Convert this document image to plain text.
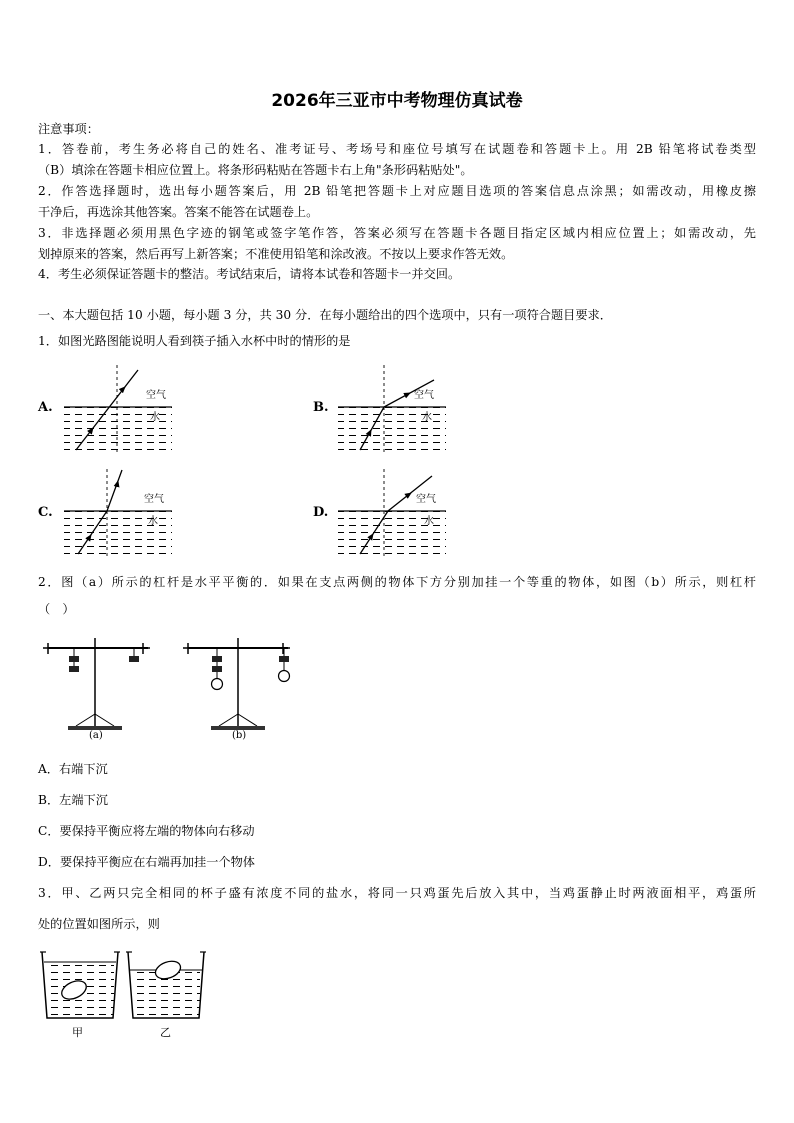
2026年三亚市中考物理仿真试卷
注意事项：
1．答卷前，考生务必将自己的姓名、准考证号、考场号和座位号填写在试题卷和答题卡上。用 2B 铅笔将试卷类型
（B）填涂在答题卡相应位置上。将条形码粘贴在答题卡右上角"条形码粘贴处"。
2．作答选择题时，选出每小题答案后，用 2B 铅笔把答题卡上对应题目选项的答案信息点涂黑；如需改动，用橡皮擦
干净后，再选涂其他答案。答案不能答在试题卷上。
3．非选择题必须用黑色字迹的钢笔或签字笔作答，答案必须写在答题卡各题目指定区域内相应位置上；如需改动，先
划掉原来的答案，然后再写上新答案；不准使用铅笔和涂改液。不按以上要求作答无效。
4．考生必须保证答题卡的整洁。考试结束后，请将本试卷和答题卡一并交回。
一、本大题包括 10 小题，每小题 3 分，共 30 分．在每小题给出的四个选项中，只有一项符合题目要求．
1．如图光路图能说明人看到筷子插入水杯中时的情形的是
A.
空气
水
B.
空气
水
C.
空气
水
D.
空气
水
2．图（a）所示的杠杆是水平平衡的．如果在支点两侧的物体下方分别加挂一个等重的物体，如图（b）所示，则杠杆
（　）
(a)	(b)
A．右端下沉
B．左端下沉
C．要保持平衡应将左端的物体向右移动
D．要保持平衡应在右端再加挂一个物体
3．甲、乙两只完全相同的杯子盛有浓度不同的盐水，将同一只鸡蛋先后放入其中，当鸡蛋静止时两液面相平，鸡蛋所
处的位置如图所示，则
甲	乙
